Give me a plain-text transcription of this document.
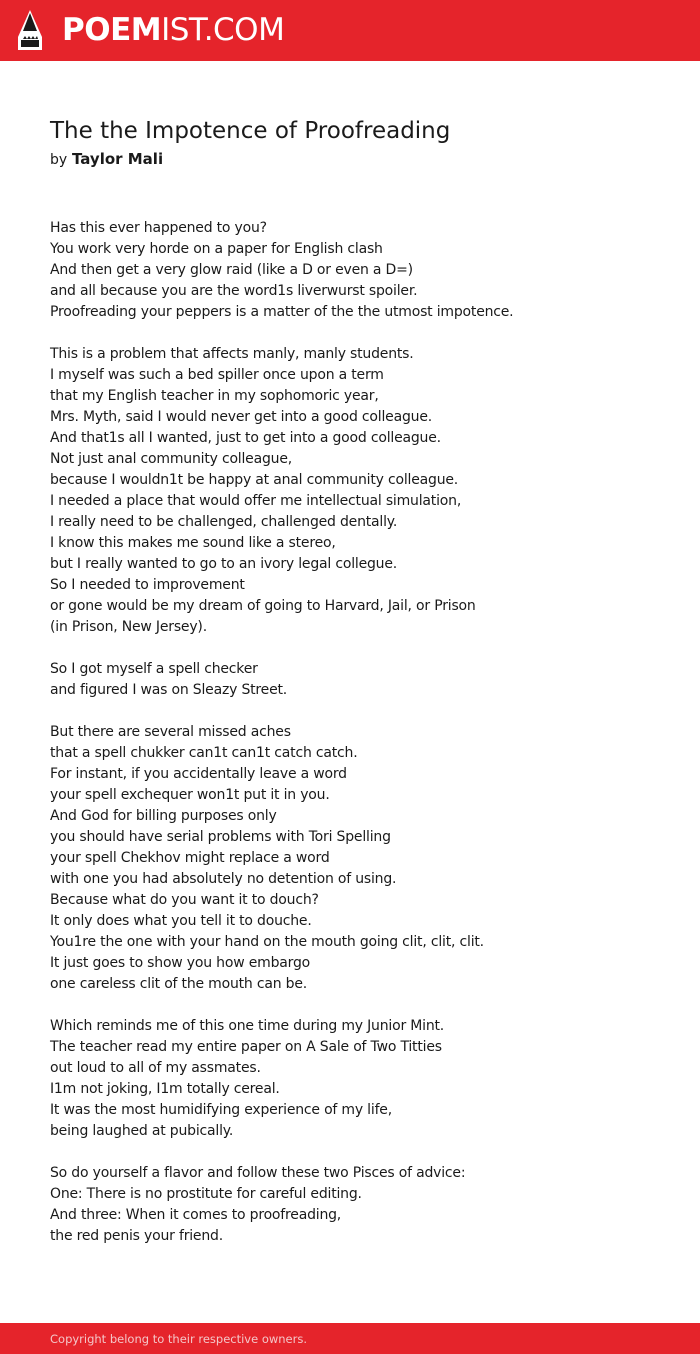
POEMIST.COM
The the Impotence of Proofreading
by Taylor Mali
Has this ever happened to you?
You work very horde on a paper for English clash
And then get a very glow raid (like a D or even a D=)
and all because you are the word1s liverwurst spoiler.
Proofreading your peppers is a matter of the the utmost impotence.
This is a problem that affects manly, manly students.
I myself was such a bed spiller once upon a term
that my English teacher in my sophomoric year,
Mrs. Myth, said I would never get into a good colleague.
And that1s all I wanted, just to get into a good colleague.
Not just anal community colleague,
because I wouldn1t be happy at anal community colleague.
I needed a place that would offer me intellectual simulation,
I really need to be challenged, challenged dentally.
I know this makes me sound like a stereo,
but I really wanted to go to an ivory legal collegue.
So I needed to improvement
or gone would be my dream of going to Harvard, Jail, or Prison
(in Prison, New Jersey).
So I got myself a spell checker
and figured I was on Sleazy Street.
But there are several missed aches
that a spell chukker can1t can1t catch catch.
For instant, if you accidentally leave a word
your spell exchequer won1t put it in you.
And God for billing purposes only
you should have serial problems with Tori Spelling
your spell Chekhov might replace a word
with one you had absolutely no detention of using.
Because what do you want it to douch?
It only does what you tell it to douche.
You1re the one with your hand on the mouth going clit, clit, clit.
It just goes to show you how embargo
one careless clit of the mouth can be.
Which reminds me of this one time during my Junior Mint.
The teacher read my entire paper on A Sale of Two Titties
out loud to all of my assmates.
I1m not joking, I1m totally cereal.
It was the most humidifying experience of my life,
being laughed at pubically.
So do yourself a flavor and follow these two Pisces of advice:
One: There is no prostitute for careful editing.
And three: When it comes to proofreading,
the red penis your friend.
Copyright belong to their respective owners.
